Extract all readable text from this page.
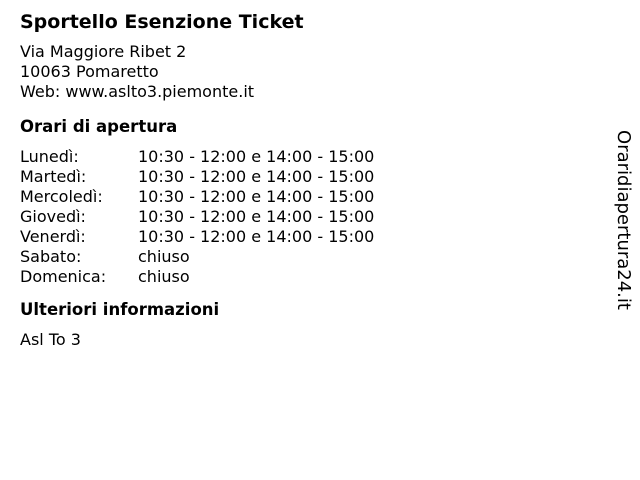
Sportello Esenzione Ticket
Via Maggiore Ribet 2
10063 Pomaretto
Web: www.aslto3.piemonte.it
Orari di apertura
Lunedì:	10:30 - 12:00 e 14:00 - 15:00
Martedì:	10:30 - 12:00 e 14:00 - 15:00
Mercoledì:	10:30 - 12:00 e 14:00 - 15:00
Giovedì:	10:30 - 12:00 e 14:00 - 15:00
Venerdì:	10:30 - 12:00 e 14:00 - 15:00
Sabato:	chiuso
Domenica:	chiuso
Ulteriori informazioni

Asl To 3

Oraridiapertura24.it
